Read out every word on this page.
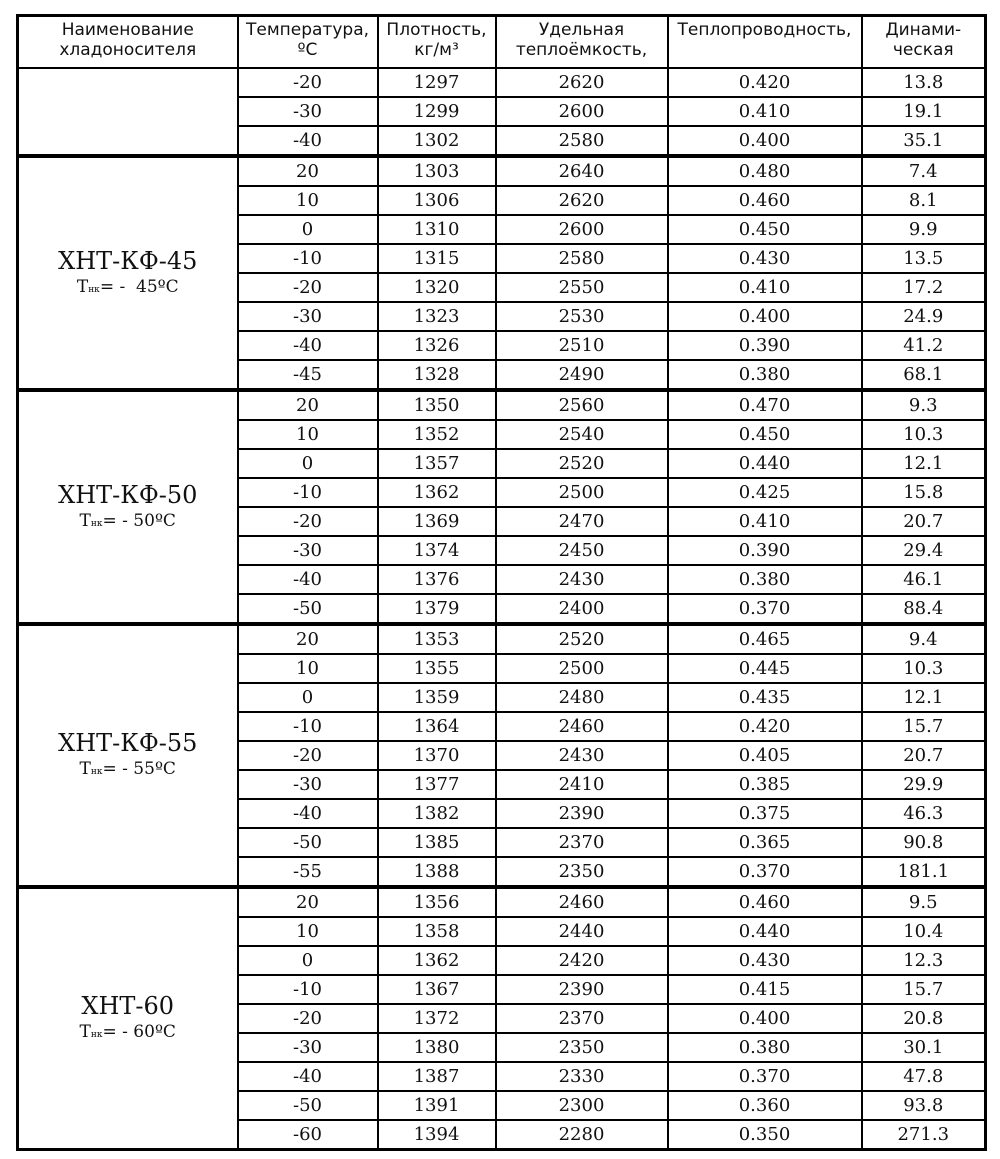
Наименование хладоносителя	Температура, ºC	Плотность, кг/м³	Удельная теплоёмкость,	Теплопроводность,	Динами-ческая

	-20	1297	2620	0.420	13.8
	-30	1299	2600	0.410	19.1
	-40	1302	2580	0.400	35.1

ХНТ-КФ-45
Tнк= -  45ºC	20	1303	2640	0.480	7.4
	10	1306	2620	0.460	8.1
	0	1310	2600	0.450	9.9
	-10	1315	2580	0.430	13.5
	-20	1320	2550	0.410	17.2
	-30	1323	2530	0.400	24.9
	-40	1326	2510	0.390	41.2
	-45	1328	2490	0.380	68.1

ХНТ-КФ-50
Tнк= - 50ºC	20	1350	2560	0.470	9.3
	10	1352	2540	0.450	10.3
	0	1357	2520	0.440	12.1
	-10	1362	2500	0.425	15.8
	-20	1369	2470	0.410	20.7
	-30	1374	2450	0.390	29.4
	-40	1376	2430	0.380	46.1
	-50	1379	2400	0.370	88.4

ХНТ-КФ-55
Tнк= - 55ºC	20	1353	2520	0.465	9.4
	10	1355	2500	0.445	10.3
	0	1359	2480	0.435	12.1
	-10	1364	2460	0.420	15.7
	-20	1370	2430	0.405	20.7
	-30	1377	2410	0.385	29.9
	-40	1382	2390	0.375	46.3
	-50	1385	2370	0.365	90.8
	-55	1388	2350	0.370	181.1

ХНТ-60
Tнк= - 60ºC	20	1356	2460	0.460	9.5
	10	1358	2440	0.440	10.4
	0	1362	2420	0.430	12.3
	-10	1367	2390	0.415	15.7
	-20	1372	2370	0.400	20.8
	-30	1380	2350	0.380	30.1
	-40	1387	2330	0.370	47.8
	-50	1391	2300	0.360	93.8
	-60	1394	2280	0.350	271.3
